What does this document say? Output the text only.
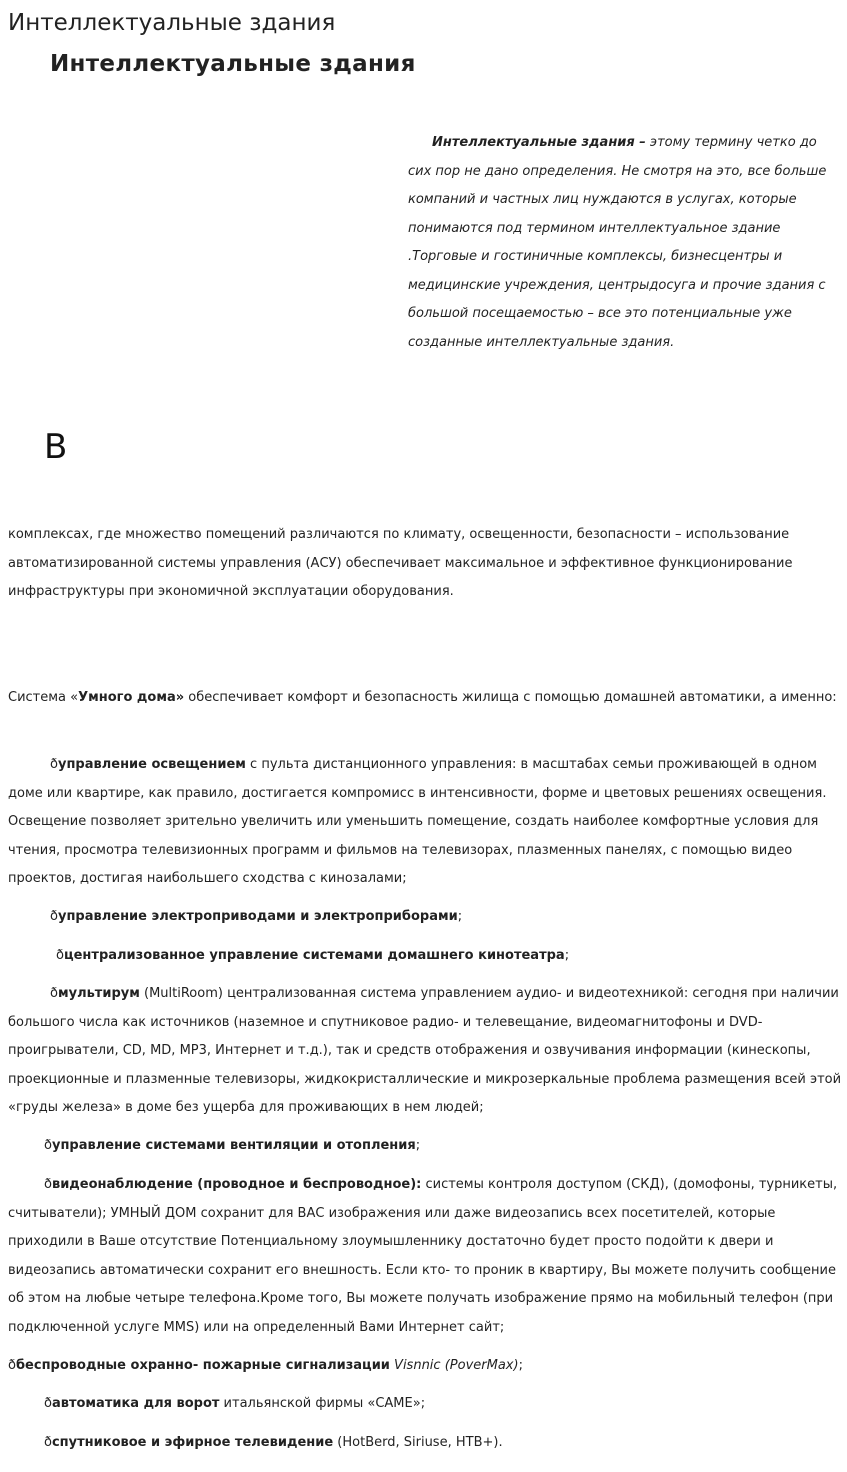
Интеллектуальные здания
Интеллектуальные здания
Интеллектуальные здания – этому термину четко до сих пор не дано определения. Не смотря на это, все больше компаний и частных лиц нуждаются в услугах, которые понимаются под термином интеллектуальное здание .Торговые и гостиничные комплексы, бизнесцентры и медицинские учреждения, центрыдосуга и прочие здания с большой посещаемостью – все это потенциальные уже созданные интеллектуальные здания.
В

комплексах, где множество помещений различаются по климату, освещенности, безопасности – использование автоматизированной системы управления (АСУ) обеспечивает максимальное и эффективное функционирование инфраструктуры при экономичной эксплуатации оборудования.

Система «Умного дома» обеспечивает комфорт и безопасность жилища с помощью домашней автоматики, а именно:

ðуправление освещением с пульта дистанционного управления: в масштабах семьи проживающей в одном доме или квартире, как правило, достигается компромисс в интенсивности, форме и цветовых решениях освещения. Освещение позволяет зрительно увеличить или уменьшить помещение, создать наиболее комфортные условия для чтения, просмотра телевизионных программ и фильмов на телевизорах, плазменных панелях, с помощью видео проектов, достигая наибольшего сходства с кинозалами;

ðуправление электроприводами и электроприборами;

ðцентрализованное управление системами домашнего кинотеатра;

ðмультирум (MultiRoom) централизованная система управлением аудио- и видеотехникой: сегодня при наличии большого числа как источников (наземное и спутниковое радио- и телевещание, видеомагнитофоны и DVD-проигрыватели, CD, MD, MP3, Интернет и т.д.), так и средств отображения и озвучивания информации (кинескопы, проекционные и плазменные телевизоры, жидкокристаллические и микрозеркальные проблема размещения всей этой «груды железа» в доме без ущерба для проживающих в нем людей;

ðуправление системами вентиляции и отопления;

ðвидеонаблюдение (проводное и беспроводное): системы контроля доступом (СКД), (домофоны, турникеты, считыватели); УМНЫЙ ДОМ сохранит для ВАС изображения или даже видеозапись всех посетителей, которые приходили в Ваше отсутствие Потенциальному злоумышленнику достаточно будет просто подойти к двери и видеозапись автоматически сохранит его внешность. Если кто- то проник в квартиру, Вы можете получить сообщение об этом на любые четыре телефона.Кроме того, Вы можете получать изображение прямо на мобильный телефон (при подключенной услуге MMS) или на определенный Вами Интернет сайт;

ðбеспроводные охранно- пожарные сигнализации Visnnic (PoverMax);

ðавтоматика для ворот итальянской фирмы «CAME»;

ðспутниковое и эфирное телевидение (HotBerd, Siriuse, НТВ+).
